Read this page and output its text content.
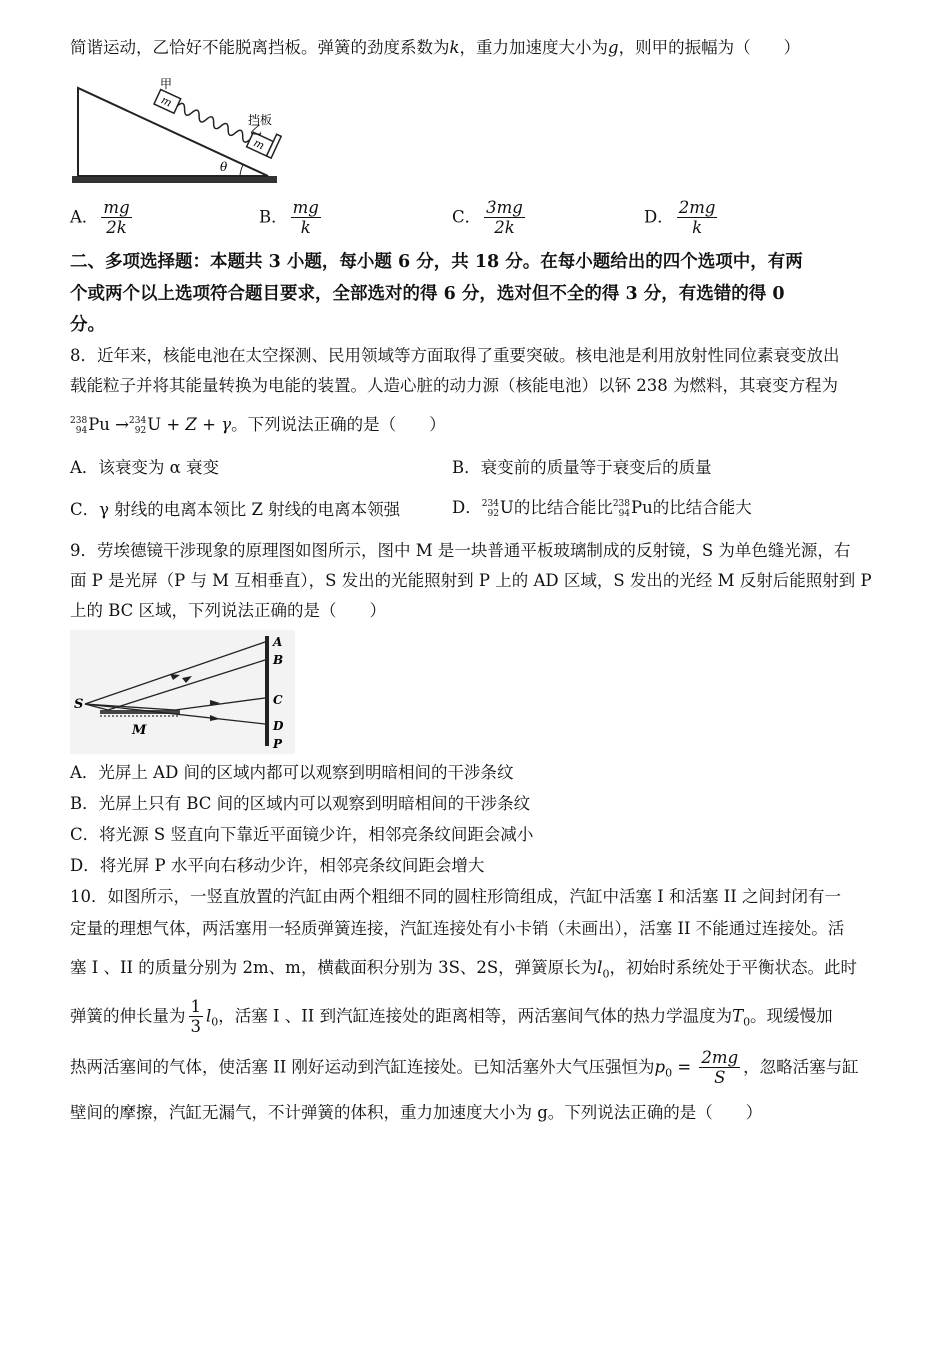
简谐运动，乙恰好不能脱离挡板。弹簧的劲度系数为k，重力加速度大小为g，则甲的振幅为（　　）
m
m
甲
乙
挡板
θ
A． $\frac{mg}{2k}$	B． $\frac{mg}{k}$	C． $\frac{3mg}{2k}$	D． $\frac{2mg}{k}$
二、多项选择题：本题共 3 小题，每小题 6 分，共 18 分。在每小题给出的四个选项中，有两
个或两个以上选项符合题目要求，全部选对的得 6 分，选对但不全的得 3 分，有选错的得 0
分。
8．近年来，核能电池在太空探测、民用领域等方面取得了重要突破。核电池是利用放射性同位素衰变放出
载能粒子并将其能量转换为电能的装置。人造心脏的动力源（核能电池）以钚 238 为燃料，其衰变方程为
238
94 Pu → 234
92 U + Z + γ。下列说法正确的是（　　）
A．该衰变为 α 衰变	B．衰变前的质量等于衰变后的质量
C．γ 射线的电离本领比 Z 射线的电离本领强	D． 234
92 U的比结合能比 238
94 Pu的比结合能大
9．劳埃德镜干涉现象的原理图如图所示，图中 M 是一块普通平板玻璃制成的反射镜，S 为单色缝光源，右
面 P 是光屏（P 与 M 互相垂直），S 发出的光能照射到 P 上的 AD 区域，S 发出的光经 M 反射后能照射到 P
上的 BC 区域，下列说法正确的是（　　）
S
M
A
B
C
D
P
A．光屏上 AD 间的区域内都可以观察到明暗相间的干涉条纹
B．光屏上只有 BC 间的区域内可以观察到明暗相间的干涉条纹
C．将光源 S 竖直向下靠近平面镜少许，相邻亮条纹间距会减小
D．将光屏 P 水平向右移动少许，相邻亮条纹间距会增大
10．如图所示，一竖直放置的汽缸由两个粗细不同的圆柱形筒组成，汽缸中活塞 I 和活塞 II 之间封闭有一
定量的理想气体，两活塞用一轻质弹簧连接，汽缸连接处有小卡销（未画出），活塞 II 不能通过连接处。活
塞 I 、II 的质量分别为 2m、m，横截面积分别为 3S、2S，弹簧原长为$l_0$，初始时系统处于平衡状态。此时
弹簧的伸长量为 $\frac{1}{3} l_0$，活塞 I 、II 到汽缸连接处的距离相等，两活塞间气体的热力学温度为$T_0$。现缓慢加
热两活塞间的气体，使活塞 II 刚好运动到汽缸连接处。已知活塞外大气压强恒为$p_0 = \frac{2mg}{S}$ ，忽略活塞与缸
壁间的摩擦，汽缸无漏气，不计弹簧的体积，重力加速度大小为 g。下列说法正确的是（　　）
